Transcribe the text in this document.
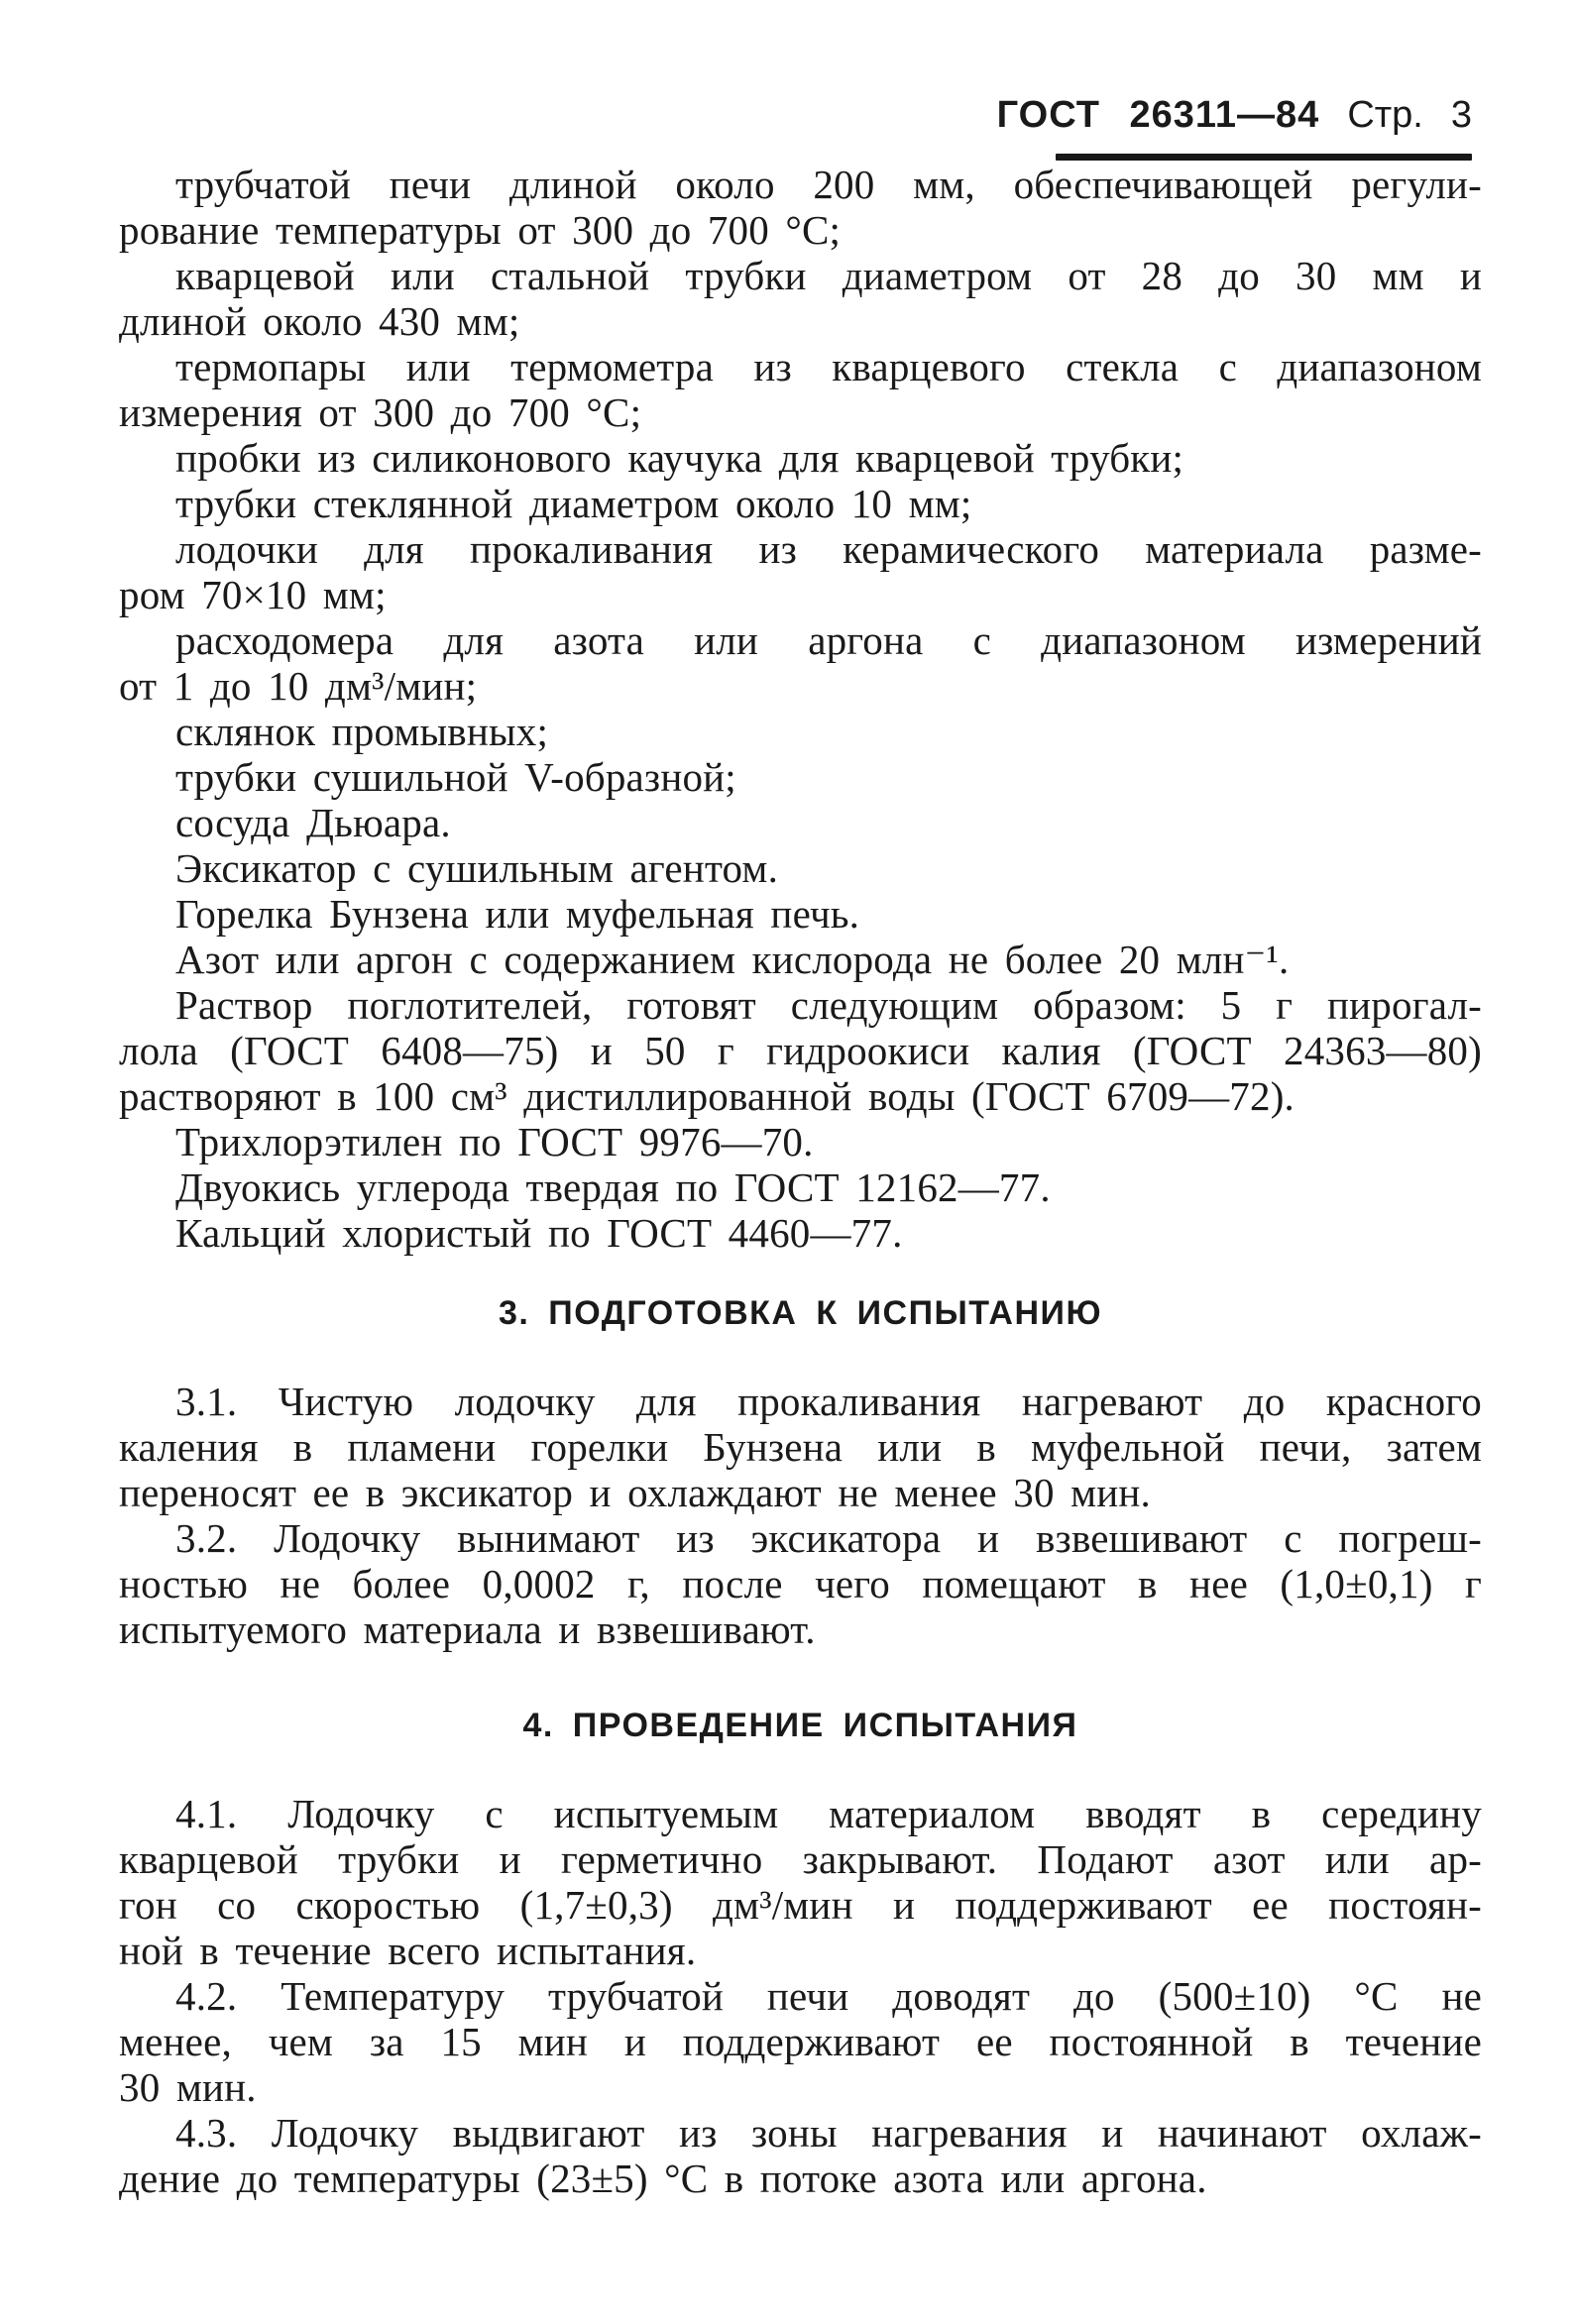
ГОСТ 26311—84 Стр. 3
трубчатой печи длиной около 200 мм, обеспечивающей регули-
рование температуры от 300 до 700 °С;
кварцевой или стальной трубки диаметром от 28 до 30 мм и
длиной около 430 мм;
термопары или термометра из кварцевого стекла с диапазоном
измерения от 300 до 700 °С;
пробки из силиконового каучука для кварцевой трубки;
трубки стеклянной диаметром около 10 мм;
лодочки для прокаливания из керамического материала разме-
ром 70×10 мм;
расходомера для азота или аргона с диапазоном измерений
от 1 до 10 дм³/мин;
склянок промывных;
трубки сушильной V-образной;
сосуда Дьюара.
Эксикатор с сушильным агентом.
Горелка Бунзена или муфельная печь.
Азот или аргон с содержанием кислорода не более 20 млн⁻¹.
Раствор поглотителей, готовят следующим образом: 5 г пирогал-
лола (ГОСТ 6408—75) и 50 г гидроокиси калия (ГОСТ 24363—80)
растворяют в 100 см³ дистиллированной воды (ГОСТ 6709—72).
Трихлорэтилен по ГОСТ 9976—70.
Двуокись углерода твердая по ГОСТ 12162—77.
Кальций хлористый по ГОСТ 4460—77.
3. ПОДГОТОВКА К ИСПЫТАНИЮ
3.1. Чистую лодочку для прокаливания нагревают до красного
каления в пламени горелки Бунзена или в муфельной печи, затем
переносят ее в эксикатор и охлаждают не менее 30 мин.
3.2. Лодочку вынимают из эксикатора и взвешивают с погреш-
ностью не более 0,0002 г, после чего помещают в нее (1,0±0,1) г
испытуемого материала и взвешивают.
4. ПРОВЕДЕНИЕ ИСПЫТАНИЯ
4.1. Лодочку с испытуемым материалом вводят в середину
кварцевой трубки и герметично закрывают. Подают азот или ар-
гон со скоростью (1,7±0,3) дм³/мин и поддерживают ее постоян-
ной в течение всего испытания.
4.2. Температуру трубчатой печи доводят до (500±10) °С не
менее, чем за 15 мин и поддерживают ее постоянной в течение
30 мин.
4.3. Лодочку выдвигают из зоны нагревания и начинают охлаж-
дение до температуры (23±5) °С в потоке азота или аргона.
